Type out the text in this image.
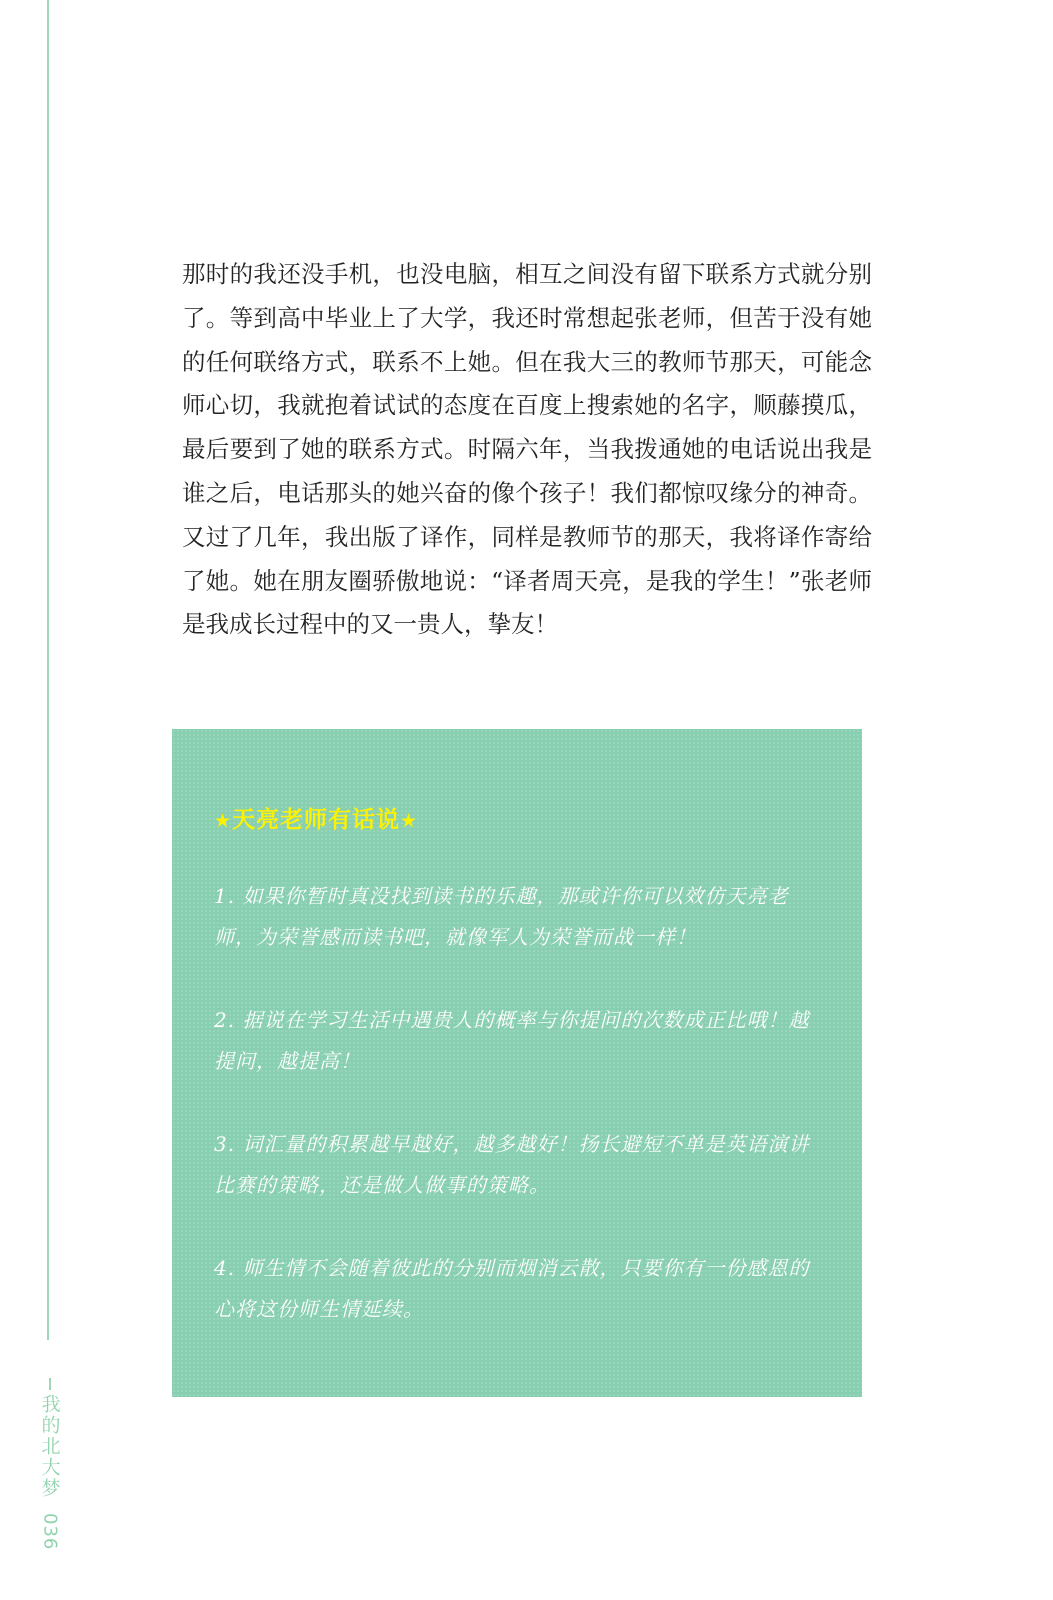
那时的我还没手机，也没电脑，相互之间没有留下联系方式就分别了。等到高中毕业上了大学，我还时常想起张老师，但苦于没有她的任何联络方式，联系不上她。但在我大三的教师节那天，可能念师心切，我就抱着试试的态度在百度上搜索她的名字，顺藤摸瓜，最后要到了她的联系方式。时隔六年，当我拨通她的电话说出我是谁之后，电话那头的她兴奋的像个孩子！我们都惊叹缘分的神奇。又过了几年，我出版了译作，同样是教师节的那天，我将译作寄给了她。她在朋友圈骄傲地说：“译者周天亮，是我的学生！”张老师是我成长过程中的又一贵人，挚友！

★天亮老师有话说★
1. 如果你暂时真没找到读书的乐趣，那或许你可以效仿天亮老师，为荣誉感而读书吧，就像军人为荣誉而战一样！
2. 据说在学习生活中遇贵人的概率与你提问的次数成正比哦！越提问，越提高！
3. 词汇量的积累越早越好，越多越好！扬长避短不单是英语演讲比赛的策略，还是做人做事的策略。
4. 师生情不会随着彼此的分别而烟消云散，只要你有一份感恩的心将这份师生情延续。
我的北大梦
036
